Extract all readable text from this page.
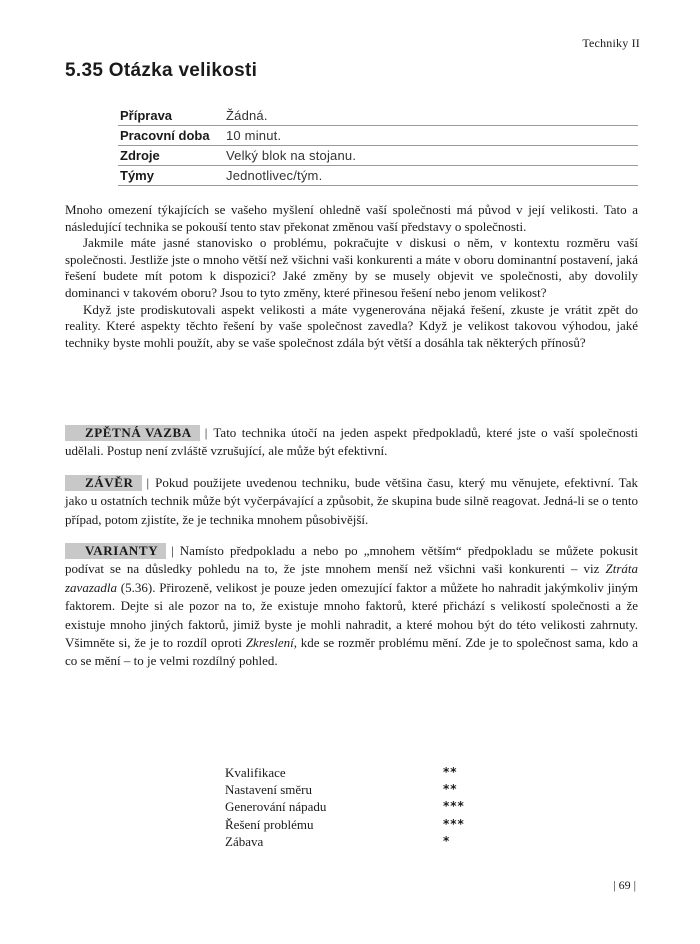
Techniky II
5.35 Otázka velikosti
Příprava	Žádná.
Pracovní doba	10 minut.
Zdroje	Velký blok na stojanu.
Týmy	Jednotlivec/tým.

Mnoho omezení týkajících se vašeho myšlení ohledně vaší společnosti má původ v její velikosti. Tato a následující technika se pokouší tento stav překonat změnou vaší představy o společnosti.

Jakmile máte jasné stanovisko o problému, pokračujte v diskusi o něm, v kontextu rozměru vaší společnosti. Jestliže jste o mnoho větší než všichni vaši konkurenti a máte v oboru dominantní postavení, jaká řešení budete mít potom k dispozici? Jaké změny by se musely objevit ve společnosti, aby dovolily dominanci v takovém oboru? Jsou to tyto změny, které přinesou řešení nebo jenom velikost?

Když jste prodiskutovali aspekt velikosti a máte vygenerována nějaká řešení, zkuste je vrátit zpět do reality. Které aspekty těchto řešení by vaše společnost zavedla? Když je velikost takovou výhodou, jaké techniky byste mohli použít, aby se vaše společnost zdála být větší a dosáhla tak některých přínosů?

ZPĚTNÁ VAZBA | Tato technika útočí na jeden aspekt předpokladů, které jste o vaší společnosti udělali. Postup není zvláště vzrušující, ale může být efektivní.

ZÁVĚR | Pokud použijete uvedenou techniku, bude většina času, který mu věnujete, efektivní. Tak jako u ostatních technik může být vyčerpávající a způsobit, že skupina bude silně reagovat. Jedná-li se o tento případ, potom zjistíte, že je technika mnohem působivější.

VARIANTY | Namísto předpokladu a nebo po „mnohem větším“ předpokladu se můžete pokusit podívat se na důsledky pohledu na to, že jste mnohem menší než všichni vaši konkurenti – viz Ztráta zavazadla (5.36). Přirozeně, velikost je pouze jeden omezující faktor a můžete ho nahradit jakýmkoliv jiným faktorem. Dejte si ale pozor na to, že existuje mnoho faktorů, které přichází s velikostí společnosti a že existuje mnoho jiných faktorů, jimiž byste je mohli nahradit, a které mohou být do této velikosti zahrnuty. Všimněte si, že je to rozdíl oproti Zkreslení, kde se rozměr problému mění. Zde je to společnost sama, kdo a co se mění – to je velmi rozdílný pohled.

Kvalifikace	**
Nastavení směru	**
Generování nápadu	***
Řešení problému	***
Zábava	*
| 69 |
